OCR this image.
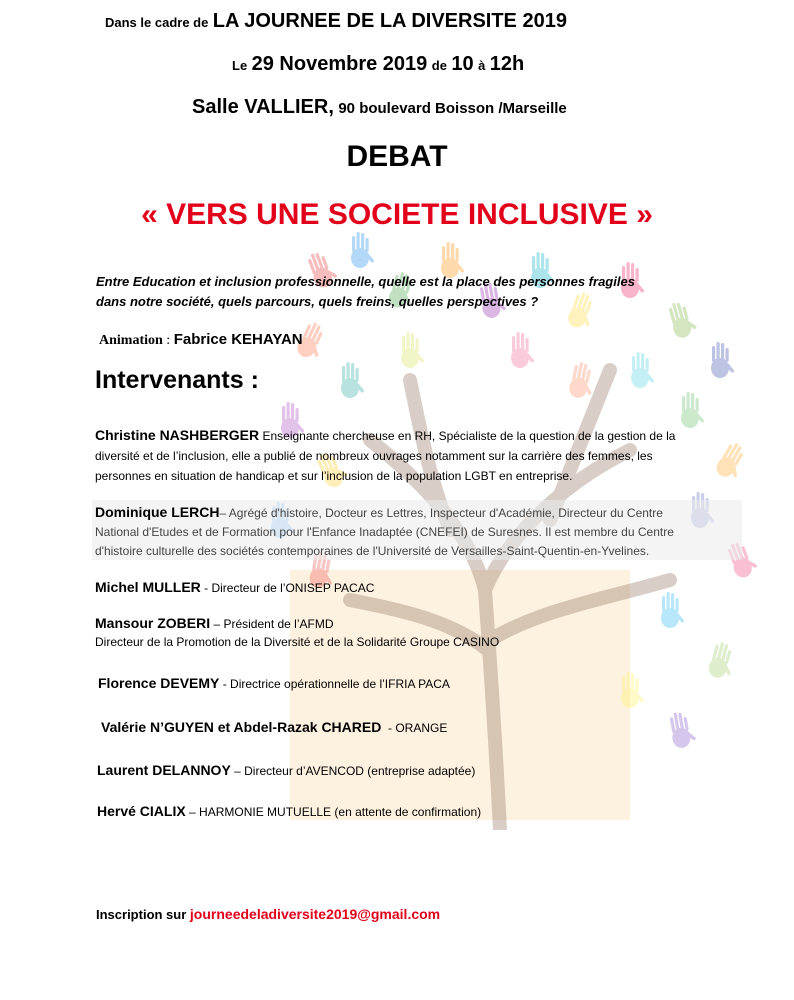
Dans le cadre de LA JOURNEE DE LA DIVERSITE 2019
Le 29 Novembre 2019 de 10 à 12h
Salle VALLIER, 90 boulevard Boisson /Marseille
DEBAT
« VERS UNE SOCIETE INCLUSIVE »
Entre Education et inclusion professionnelle, quelle est la place des personnes fragiles
dans notre société, quels parcours, quels freins, quelles perspectives ?
Animation : Fabrice KEHAYAN
Intervenants :
Christine NASHBERGER Enseignante chercheuse en RH, Spécialiste de la question de la gestion de la
diversité et de l’inclusion, elle a publié de nombreux ouvrages notamment sur la carrière des femmes, les
personnes en situation de handicap et sur l’inclusion de la population LGBT en entreprise.
Dominique LERCH– Agrégé d'histoire, Docteur es Lettres, Inspecteur d'Académie, Directeur du Centre
National d'Etudes et de Formation pour l'Enfance Inadaptée (CNEFEI) de Suresnes. Il est membre du Centre
d'histoire culturelle des sociétés contemporaines de l'Université de Versailles-Saint-Quentin-en-Yvelines.
Michel MULLER - Directeur de l’ONISEP PACAC
Mansour ZOBERI – Président de l’AFMD
Directeur de la Promotion de la Diversité et de la Solidarité Groupe CASINO
Florence DEVEMY - Directrice opérationnelle de l’IFRIA PACA
Valérie N’GUYEN et Abdel-Razak CHARED  - ORANGE
Laurent DELANNOY – Directeur d’AVENCOD (entreprise adaptée)
Hervé CIALIX – HARMONIE MUTUELLE (en attente de confirmation)
Inscription sur journeedeladiversite2019@gmail.com
